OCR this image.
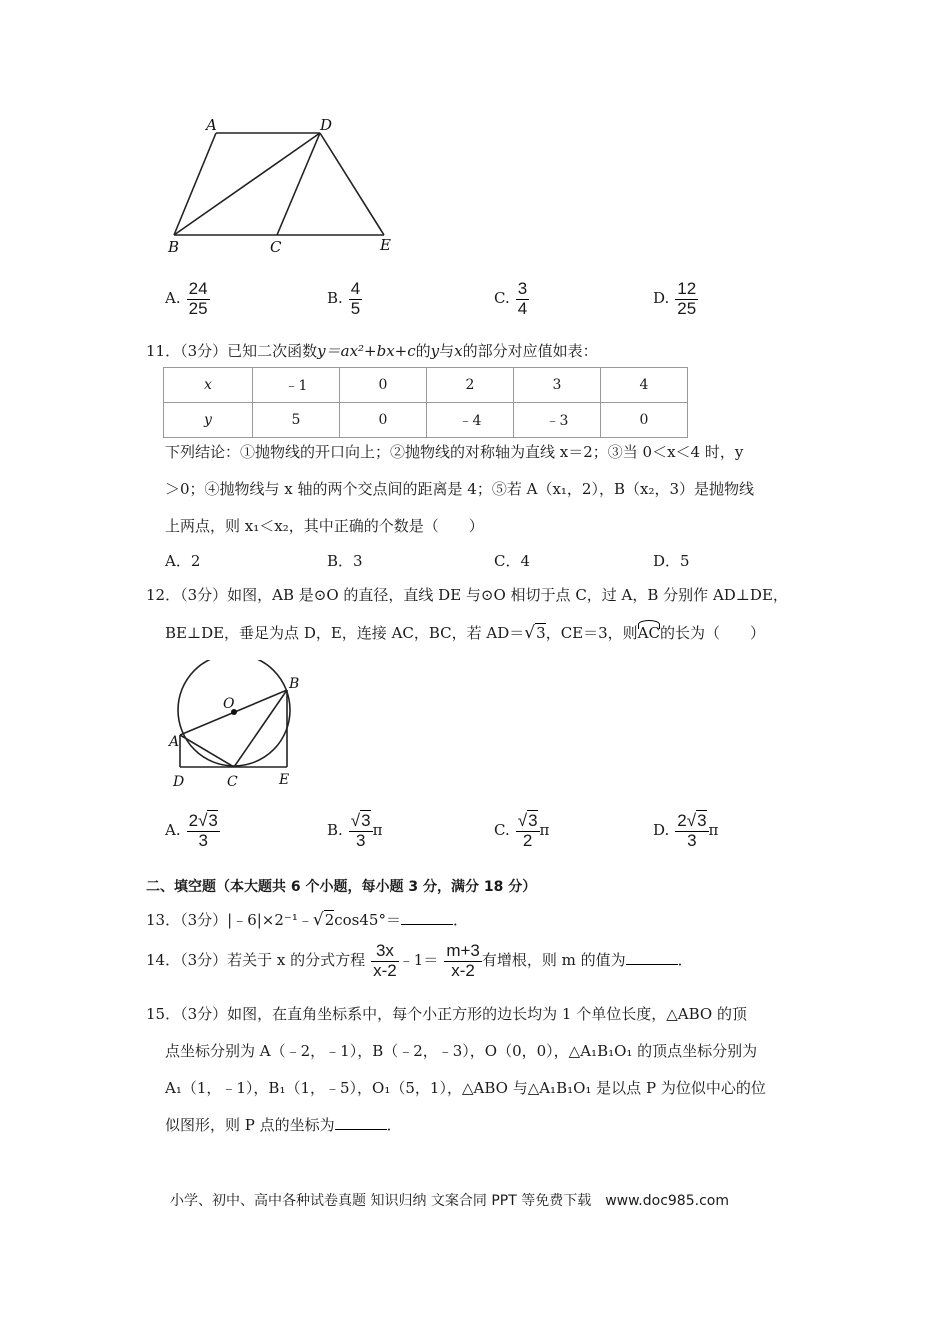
A	D
B	C	E
A. $\frac{24}{25}$	B. $\frac{4}{5}$	C. $\frac{3}{4}$	D. $\frac{12}{25}$
11．（3分）已知二次函数y＝ax²+bx+c的y与x的部分对应值如表：
x	﹣1	0	2	3	4
y	5	0	﹣4	﹣3	0
下列结论：①抛物线的开口向上；②抛物线的对称轴为直线 x＝2；③当 0＜x＜4 时，y
＞0；④抛物线与 x 轴的两个交点间的距离是 4；⑤若 A（x₁，2），B（x₂，3）是抛物线
上两点，则 x₁＜x₂，其中正确的个数是（　　）
A．2	B．3	C．4	D．5
12．（3分）如图，AB 是⊙O 的直径，直线 DE 与⊙O 相切于点 C，过 A，B 分别作 AD⊥DE，
BE⊥DE，垂足为点 D，E，连接 AC，BC，若 AD＝√3，CE＝3，则AC的长为（　　）
O
B
A
D	C	E
A. $\frac{2√3}{3}$	B. $\frac{√3}{3}$ π	C. $\frac{√3}{2}$ π	D. $\frac{2√3}{3}$ π
二、填空题（本大题共 6 个小题，每小题 3 分，满分 18 分）
13．（3分）|﹣6|×2⁻¹﹣√2cos45°＝	．
14．（3分）若关于 x 的分式方程 $\frac{3x}{x-2}$ ﹣1＝ $\frac{m+3}{x-2}$ 有增根，则 m 的值为	．
15．（3分）如图，在直角坐标系中，每个小正方形的边长均为 1 个单位长度，△ABO 的顶
点坐标分别为 A（﹣2，﹣1），B（﹣2，﹣3），O（0，0），△A₁B₁O₁ 的顶点坐标分别为
A₁（1，﹣1），B₁（1，﹣5），O₁（5，1），△ABO 与△A₁B₁O₁ 是以点 P 为位似中心的位
似图形，则 P 点的坐标为	．
小学、初中、高中各种试卷真题 知识归纳 文案合同 PPT 等免费下载　www.doc985.com
